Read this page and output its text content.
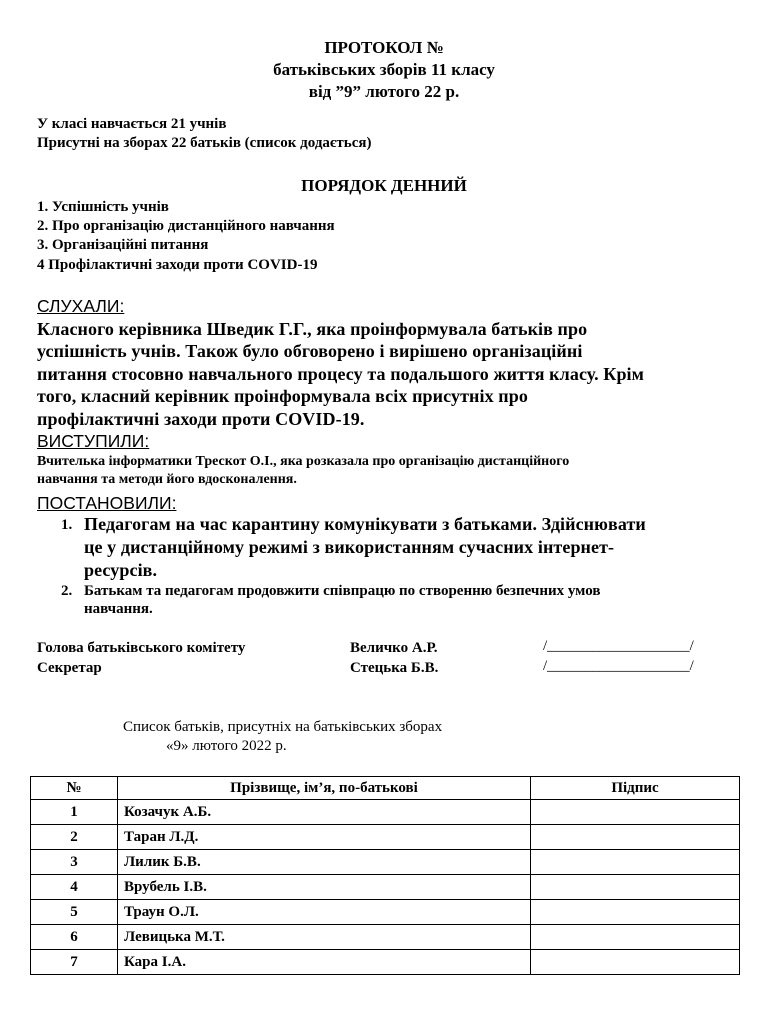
ПРОТОКОЛ №
батьківських зборів 11 класу
від ”9” лютого 22 р.
У класі навчається 21 учнів
Присутні на зборах 22 батьків (список додається)
ПОРЯДОК ДЕННИЙ
1. Успішність учнів
2. Про організацію дистанційного навчання
3. Організаційні питання
4 Профілактичні заходи проти COVID-19
СЛУХАЛИ:
Класного керівника Шведик Г.Г., яка проінформувала батьків про
успішність учнів. Також було обговорено і вирішено організаційні
питання стосовно навчального процесу та подальшого життя класу. Крім
того, класний керівник проінформувала всіх присутніх про
профілактичні заходи проти COVID-19.
ВИСТУПИЛИ:
Вчителька інформатики Трескот О.І., яка розказала про організацію дистанційного
навчання та методи його вдосконалення.
ПОСТАНОВИЛИ:
1. Педагогам на час карантину комунікувати з батьками. Здійснювати
це у дистанційному режимі з використанням сучасних інтернет-
ресурсів.
2. Батькам та педагогам продовжити співпрацю по створенню безпечних умов
навчання.
Голова батьківського комітету	Величко А.Р.	/___________________/
Секретар	Стецька Б.В.	/___________________/
Список батьків, присутніх на батьківських зборах
«9» лютого 2022 р.
№	Прізвище, ім’я, по-батькові	Підпис
1	Козачук А.Б.	
2	Таран Л.Д.	
3	Лилик Б.В.	
4	Врубель І.В.	
5	Траун О.Л.	
6	Левицька М.Т.	
7	Кара І.А.	
